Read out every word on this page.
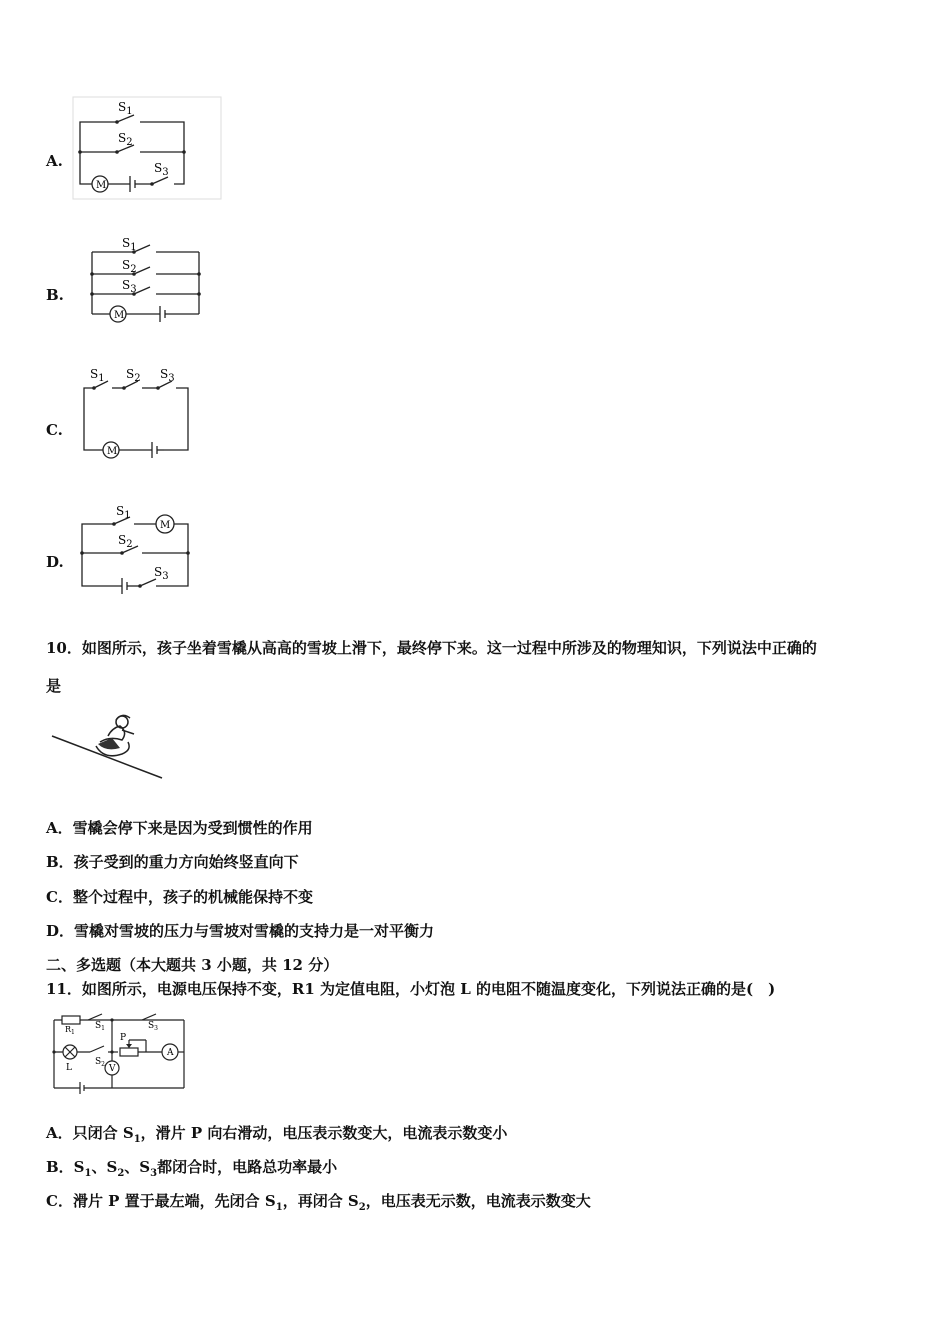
A.
$S_1$
$S_2$
$S_3$
M
B.
$S_1$
$S_2$
$S_3$
M
C.
$S_1$ $S_2$ $S_3$
M
D.
$S_1$
$S_2$
$S_3$
M
10．如图所示，孩子坐着雪橇从高高的雪坡上滑下，最终停下来。这一过程中所涉及的物理知识，下列说法中正确的
是
A．雪橇会停下来是因为受到惯性的作用
B．孩子受到的重力方向始终竖直向下
C．整个过程中，孩子的机械能保持不变
D．雪橇对雪坡的压力与雪坡对雪橇的支持力是一对平衡力
二、多选题（本大题共 3 小题，共 12 分）
11．如图所示，电源电压保持不变，R1 为定值电阻，小灯泡 L 的电阻不随温度变化，下列说法正确的是(　)
$R_1$
$S_1$
$S_2$
$S_3$
P
L
A
V
A．只闭合 $S_1$，滑片 P 向右滑动，电压表示数变大，电流表示数变小
B．$S_1$、$S_2$、$S_3$都闭合时，电路总功率最小
C．滑片 P 置于最左端，先闭合 $S_1$，再闭合 $S_2$，电压表无示数，电流表示数变大
